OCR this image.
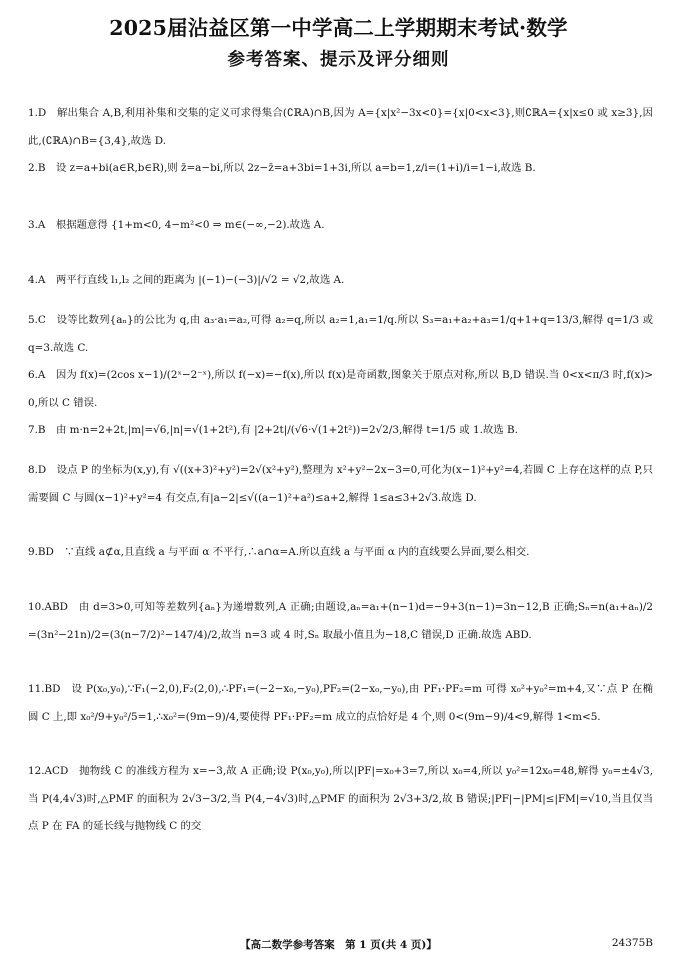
2025届沾益区第一中学高二上学期期末考试·数学
参考答案、提示及评分细则
1.D　 解出集合 A,B,利用补集和交集的定义可求得集合(∁ℝA)∩B,因为 A={x|x²−3x<0}={x|0<x<3},则∁ℝA={x|x≤0 或 x≥3},因此,(∁ℝA)∩B={3,4},故选 D.
2.B　 设 z=a+bi(a∈R,b∈R),则 z̄=a−bi,所以 2z−z̄=a+3bi=1+3i,所以 a=b=1,z/i=(1+i)/i=1−i,故选 B.
3.A　 根据题意得 {1+m<0, 4−m²<0 ⇒ m∈(−∞,−2).故选 A.
4.A　 两平行直线 l₁,l₂ 之间的距离为 |(−1)−(−3)|/√2 = √2,故选 A.
5.C　 设等比数列{aₙ}的公比为 q,由 a₃·a₁=a₂,可得 a₂=q,所以 a₂=1,a₁=1/q.所以 S₃=a₁+a₂+a₃=1/q+1+q=13/3,解得 q=1/3 或 q=3.故选 C.
6.A　 因为 f(x)=(2cos x−1)/(2ˣ−2⁻ˣ),所以 f(−x)=−f(x),所以 f(x)是奇函数,图象关于原点对称,所以 B,D 错误.当 0<x<π/3 时,f(x)>0,所以 C 错误.
7.B　 由 m·n=2+2t,|m|=√6,|n|=√(1+2t²),有 |2+2t|/(√6·√(1+2t²))=2√2/3,解得 t=1/5 或 1.故选 B.
8.D　 设点 P 的坐标为(x,y),有 √((x+3)²+y²)=2√(x²+y²),整理为 x²+y²−2x−3=0,可化为(x−1)²+y²=4,若圆 C 上存在这样的点 P,只需要圆 C 与圆(x−1)²+y²=4 有交点,有|a−2|≤√((a−1)²+a²)≤a+2,解得 1≤a≤3+2√3.故选 D.
9.BD　 ∵直线 a⊄α,且直线 a 与平面 α 不平行,∴a∩α=A.所以直线 a 与平面 α 内的直线要么异面,要么相交.
10.ABD　 由 d=3>0,可知等差数列{aₙ}为递增数列,A 正确;由题设,aₙ=a₁+(n−1)d=−9+3(n−1)=3n−12,B 正确;Sₙ=n(a₁+aₙ)/2=(3n²−21n)/2=(3(n−7/2)²−147/4)/2,故当 n=3 或 4 时,Sₙ 取最小值且为−18,C 错误,D 正确.故选 ABD.
11.BD　 设 P(x₀,y₀),∵F₁(−2,0),F₂(2,0),∴PF₁=(−2−x₀,−y₀),PF₂=(2−x₀,−y₀),由 PF₁·PF₂=m 可得 x₀²+y₀²=m+4,又∵点 P 在椭圆 C 上,即 x₀²/9+y₀²/5=1,∴x₀²=(9m−9)/4,要使得 PF₁·PF₂=m 成立的点恰好是 4 个,则 0<(9m−9)/4<9,解得 1<m<5.
12.ACD　 抛物线 C 的准线方程为 x=−3,故 A 正确;设 P(x₀,y₀),所以|PF|=x₀+3=7,所以 x₀=4,所以 y₀²=12x₀=48,解得 y₀=±4√3,当 P(4,4√3)时,△PMF 的面积为 2√3−3/2,当 P(4,−4√3)时,△PMF 的面积为 2√3+3/2,故 B 错误;|PF|−|PM|≤|FM|=√10,当且仅当点 P 在 FA 的延长线与抛物线 C 的交
【高二数学参考答案　第 1 页(共 4 页)】	24375B
